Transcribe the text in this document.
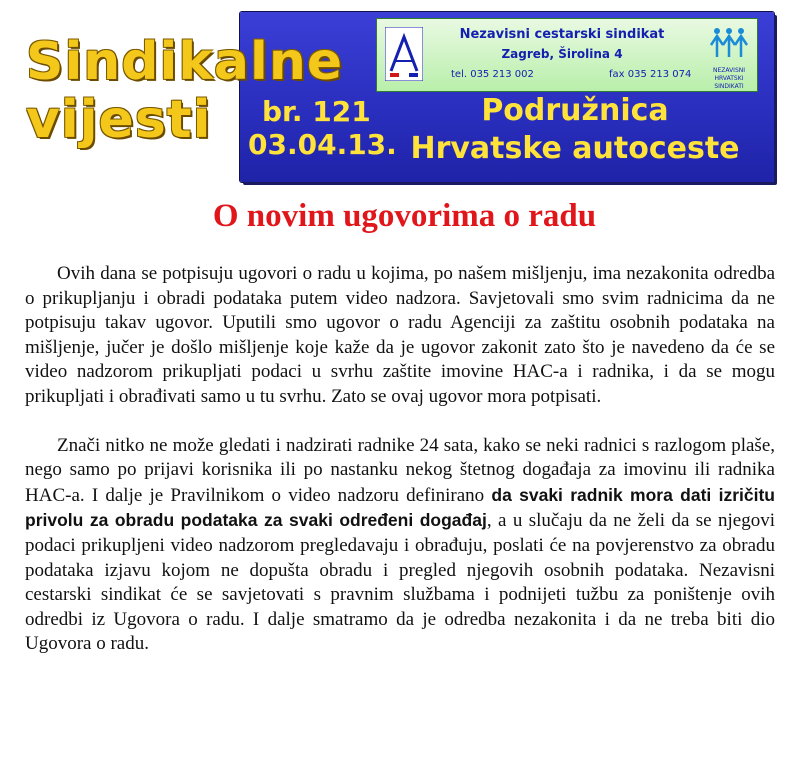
Sindikalne
vijesti
Nezavisni cestarski sindikat
Zagreb, Širolina 4
tel. 035 213 002	fax 035 213 074	NEZAVISNI
HRVATSKI
SINDIKATI
br. 121
03.04.13.
Podružnica
Hrvatske autoceste
O novim ugovorima o radu

Ovih dana se potpisuju ugovori o radu u kojima, po našem mišljenju, ima nezakonita odredba o prikupljanju i obradi podataka putem video nadzora. Savjetovali smo svim radnicima da ne potpisuju takav ugovor. Uputili smo ugovor o radu Agenciji za zaštitu osobnih podataka na mišljenje, jučer je došlo mišljenje koje kaže da je ugovor zakonit zato što je navedeno da će se video nadzorom prikupljati podaci u svrhu zaštite imovine HAC-a i radnika, i da se mogu prikupljati i obrađivati samo u tu svrhu. Zato se ovaj ugovor mora potpisati.

Znači nitko ne može gledati i nadzirati radnike 24 sata, kako se neki radnici s razlogom plaše, nego samo po prijavi korisnika ili po nastanku nekog štetnog događaja za imovinu ili radnika HAC-a. I dalje je Pravilnikom o video nadzoru definirano da svaki radnik mora dati izričitu privolu za obradu podataka za svaki određeni događaj, a u slučaju da ne želi da se njegovi podaci prikupljeni video nadzorom pregledavaju i obrađuju, poslati će na povjerenstvo za obradu podataka izjavu kojom ne dopušta obradu i pregled njegovih osobnih podataka. Nezavisni cestarski sindikat će se savjetovati s pravnim službama i podnijeti tužbu za poništenje ovih odredbi iz Ugovora o radu. I dalje smatramo da je odredba nezakonita i da ne treba biti dio Ugovora o radu.
